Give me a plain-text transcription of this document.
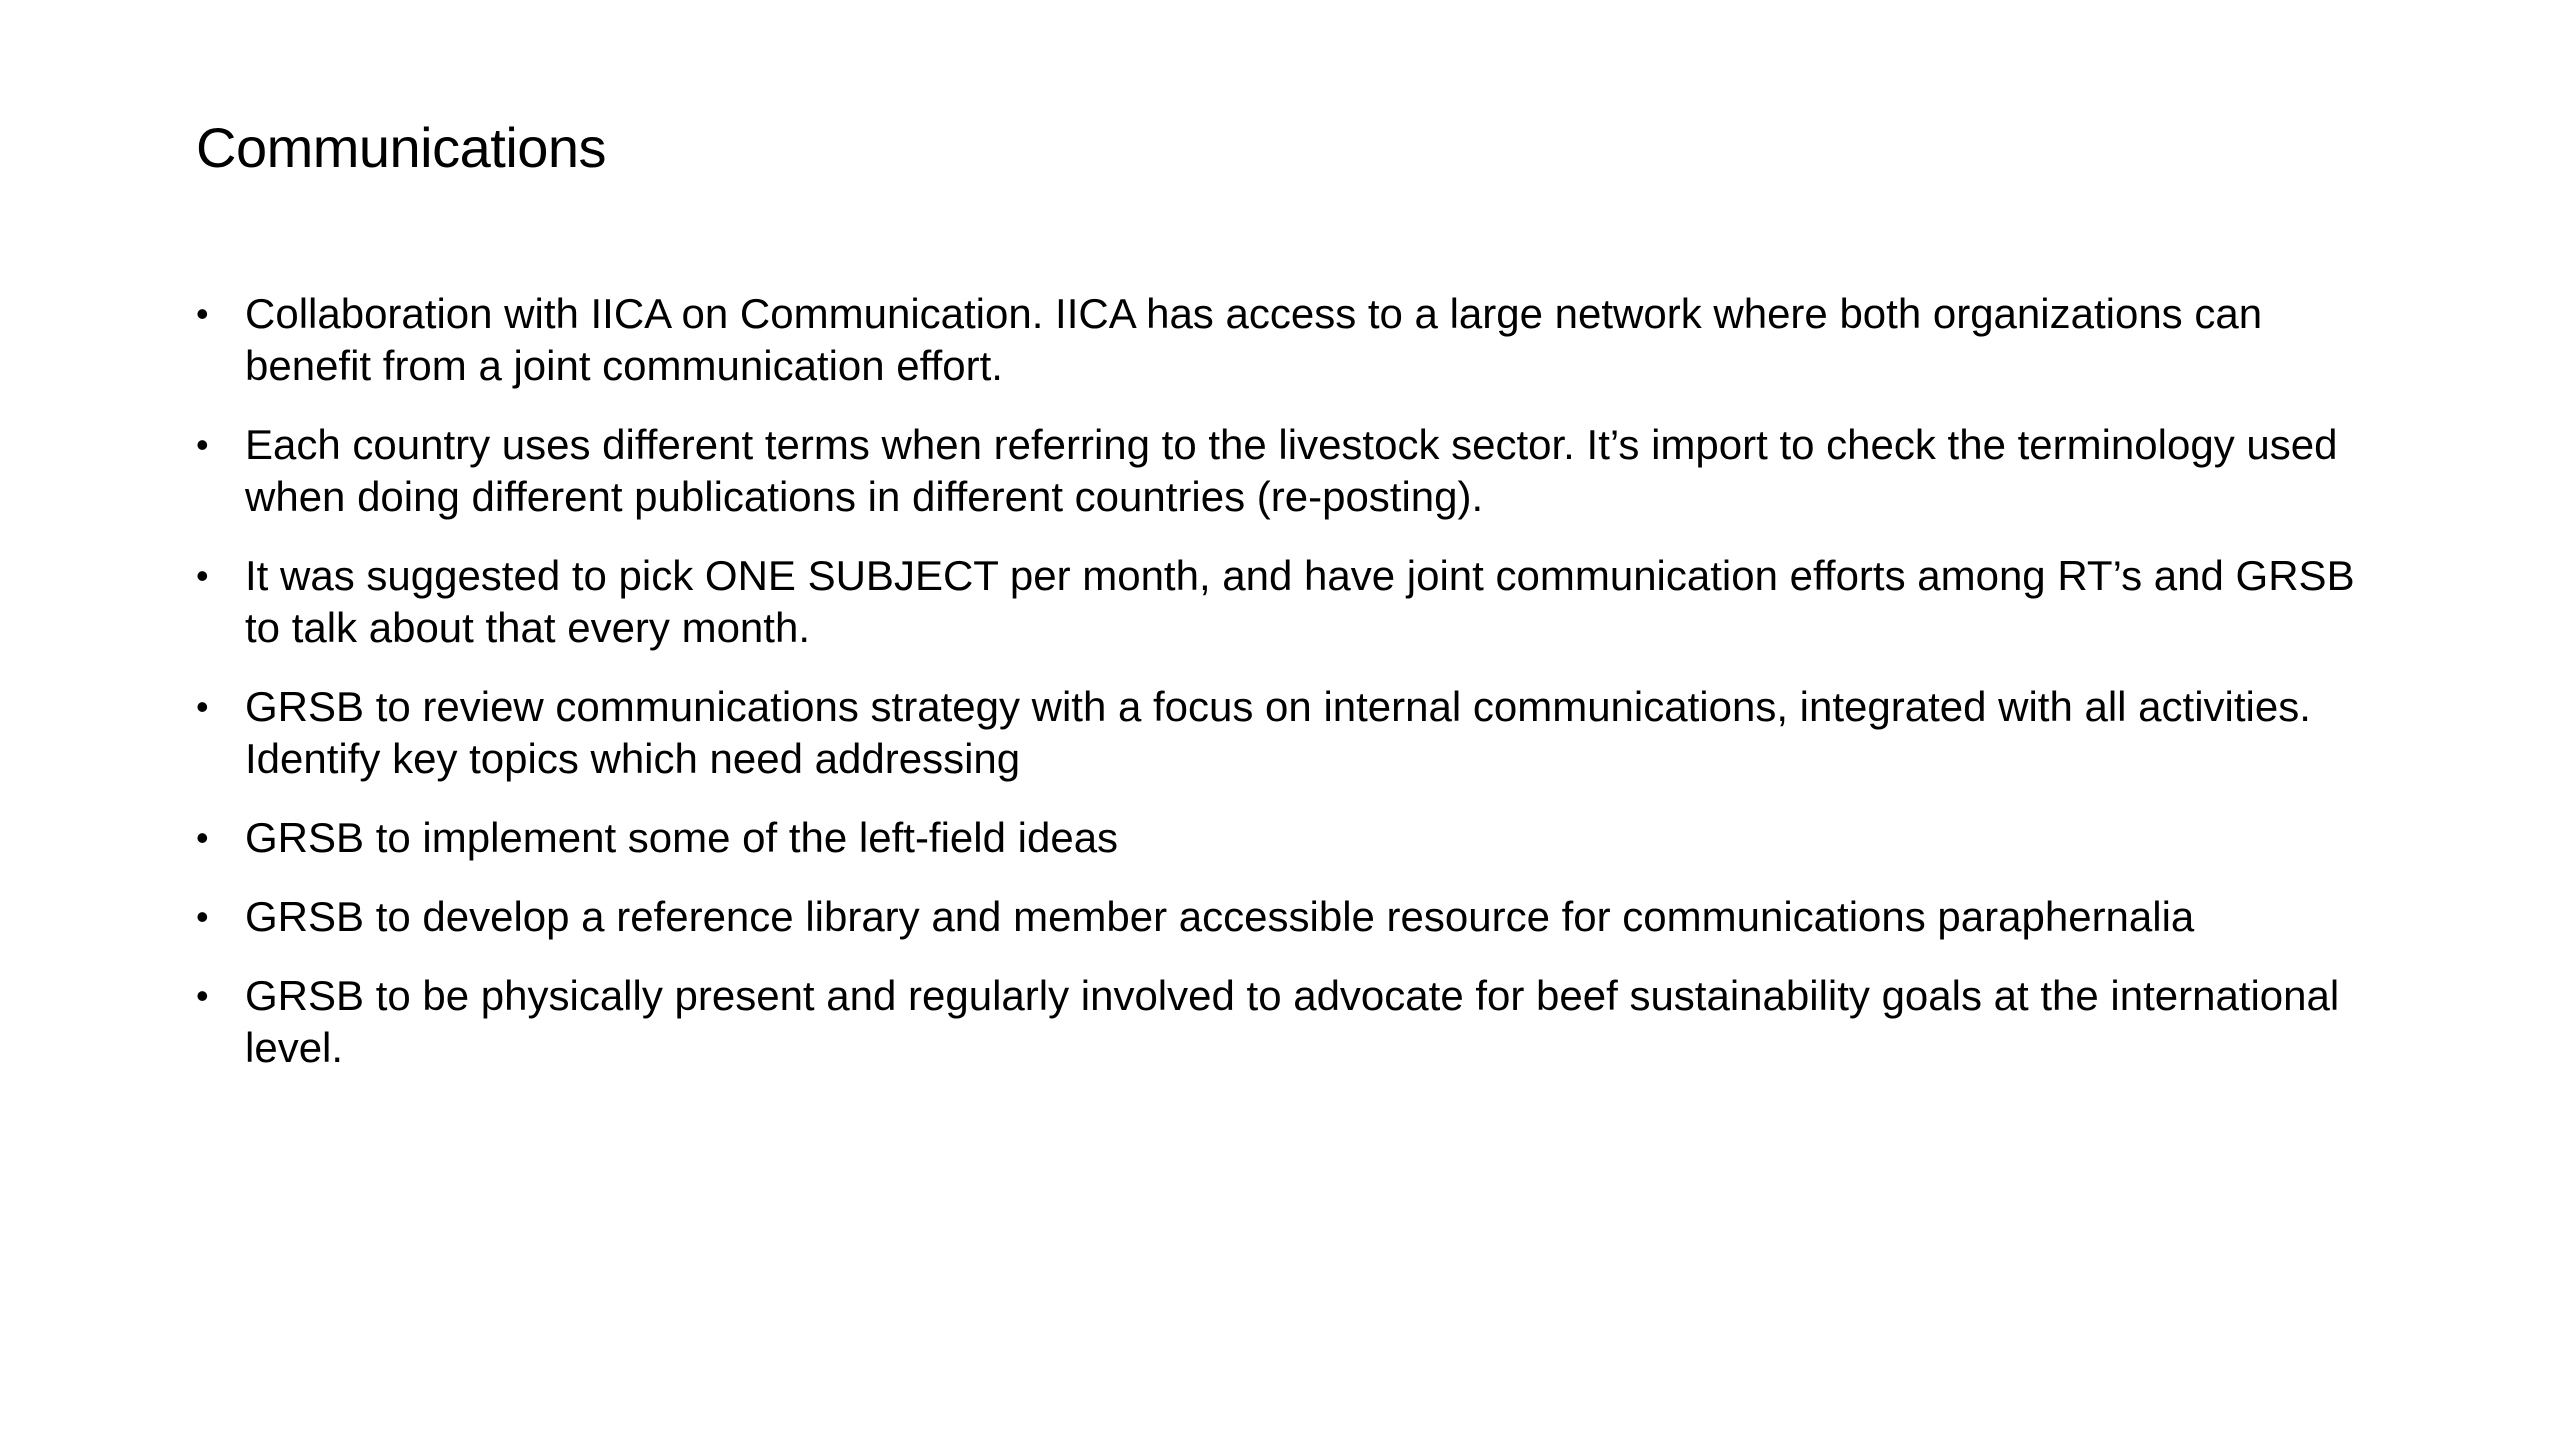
Communications
• Collaboration with IICA on Communication. IICA has access to a large network where both organizations can benefit from a joint communication effort.
• Each country uses different terms when referring to the livestock sector. It’s import to check the terminology used when doing different publications in different countries (re-posting).
• It was suggested to pick ONE SUBJECT per month, and have joint communication efforts among RT’s and GRSB to talk about that every month.
• GRSB to review communications strategy with a focus on internal communications, integrated with all activities. Identify key topics which need addressing
• GRSB to implement some of the left-field ideas
• GRSB to develop a reference library and member accessible resource for communications paraphernalia
• GRSB to be physically present and regularly involved to advocate for beef sustainability goals at the international level.
